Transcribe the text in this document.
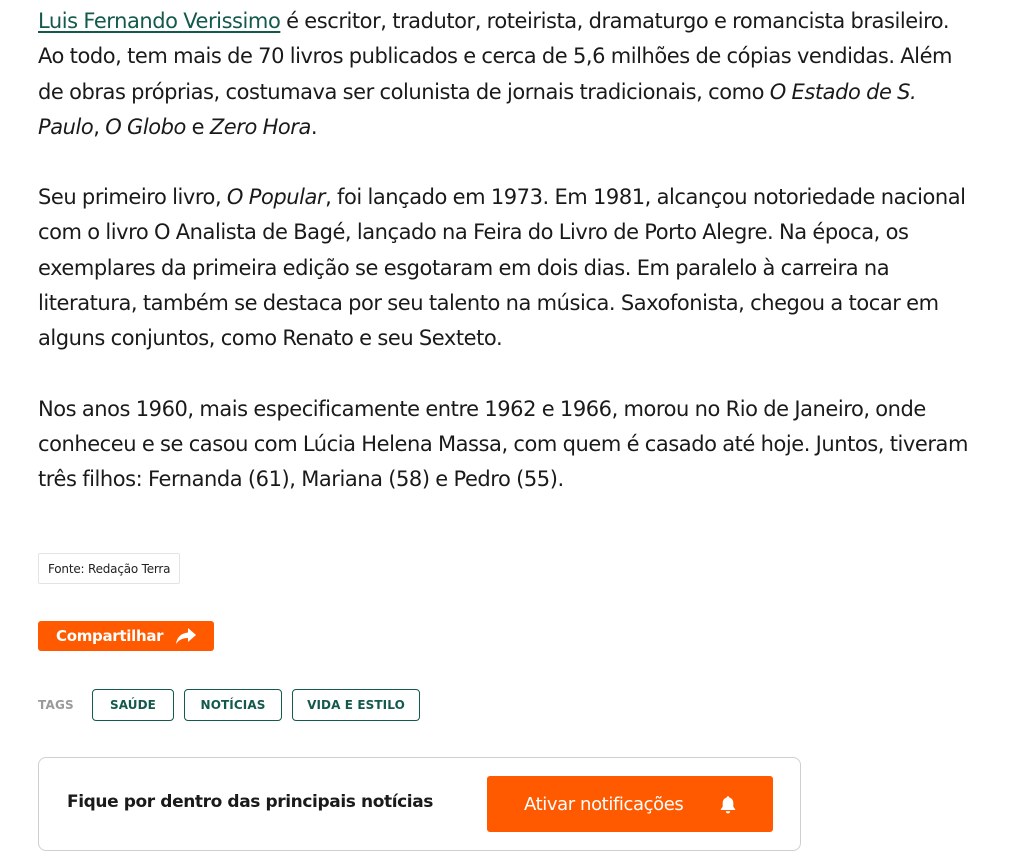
Luis Fernando Verissimo é escritor, tradutor, roteirista, dramaturgo e romancista brasileiro. Ao todo, tem mais de 70 livros publicados e cerca de 5,6 milhões de cópias vendidas. Além de obras próprias, costumava ser colunista de jornais tradicionais, como O Estado de S. Paulo, O Globo e Zero Hora.

Seu primeiro livro, O Popular, foi lançado em 1973. Em 1981, alcançou notoriedade nacional com o livro O Analista de Bagé, lançado na Feira do Livro de Porto Alegre. Na época, os exemplares da primeira edição se esgotaram em dois dias. Em paralelo à carreira na literatura, também se destaca por seu talento na música. Saxofonista, chegou a tocar em alguns conjuntos, como Renato e seu Sexteto.

Nos anos 1960, mais especificamente entre 1962 e 1966, morou no Rio de Janeiro, onde conheceu e se casou com Lúcia Helena Massa, com quem é casado até hoje. Juntos, tiveram três filhos: Fernanda (61), Mariana (58) e Pedro (55).

Fonte: Redação Terra
Compartilhar
TAGS	SAÚDE	NOTÍCIAS	VIDA E ESTILO
Fique por dentro das principais notícias	Ativar notificações
